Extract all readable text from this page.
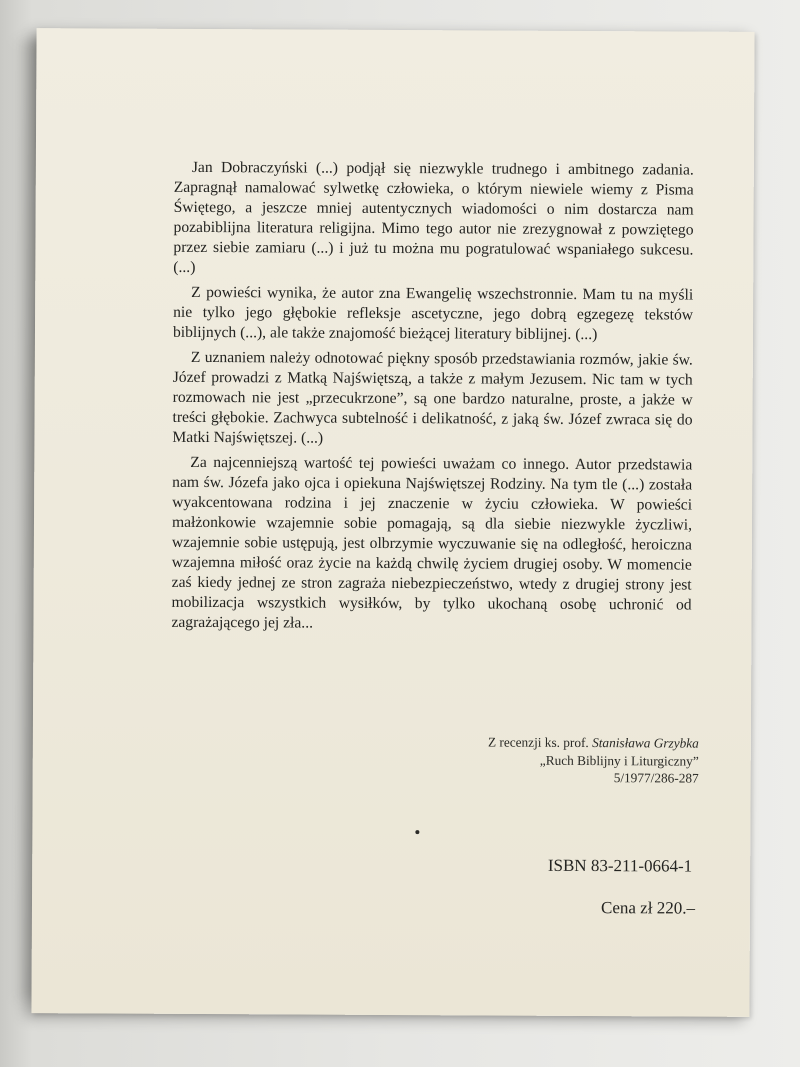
Jan Dobraczyński (...) podjął się niezwykle trudnego i ambitnego zadania. Zapragnął namalować sylwetkę człowieka, o którym niewiele wiemy z Pisma Świętego, a jeszcze mniej autentycznych wiadomości o nim dostarcza nam pozabiblijna literatura religijna. Mimo tego autor nie zrezygnował z powziętego przez siebie zamiaru (...) i już tu można mu pogratulować wspaniałego sukcesu. (...)

Z powieści wynika, że autor zna Ewangelię wszechstronnie. Mam tu na myśli nie tylko jego głębokie refleksje ascetyczne, jego dobrą egzegezę tekstów biblijnych (...), ale także znajomość bieżącej literatury biblijnej. (...)

Z uznaniem należy odnotować piękny sposób przedstawiania rozmów, jakie św. Józef prowadzi z Matką Najświętszą, a także z małym Jezusem. Nic tam w tych rozmowach nie jest „przecukrzone”, są one bardzo naturalne, proste, a jakże w treści głębokie. Zachwyca subtelność i delikatność, z jaką św. Józef zwraca się do Matki Najświętszej. (...)

Za najcenniejszą wartość tej powieści uważam co innego. Autor przedstawia nam św. Józefa jako ojca i opiekuna Najświętszej Rodziny. Na tym tle (...) została wyakcentowana rodzina i jej znaczenie w życiu człowieka. W powieści małżonkowie wzajemnie sobie pomagają, są dla siebie niezwykle życzliwi, wzajemnie sobie ustępują, jest olbrzymie wyczuwanie się na odległość, heroiczna wzajemna miłość oraz życie na każdą chwilę życiem drugiej osoby. W momencie zaś kiedy jednej ze stron zagraża niebezpieczeństwo, wtedy z drugiej strony jest mobilizacja wszystkich wysiłków, by tylko ukochaną osobę uchronić od zagrażającego jej zła...

Z recenzji ks. prof. Stanisława Grzybka
„Ruch Biblijny i Liturgiczny”
5/1977/286-287
ISBN 83-211-0664-1
Cena zł 220.–
